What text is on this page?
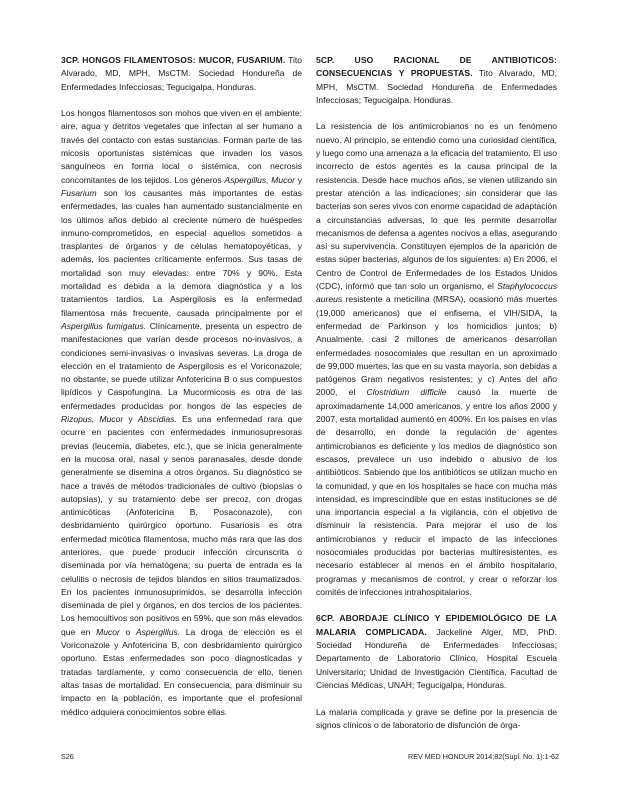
3CP. HONGOS FILAMENTOSOS: MUCOR, FUSARIUM. Tito Alvarado, MD, MPH, MsCTM. Sociedad Hondureña de Enfermedades Infecciosas; Tegucigalpa, Honduras.

Los hongos filamentosos son mohos que viven en el ambiente: aire, agua y detritos vegetales que infectan al ser humano a través del contacto con estas sustancias. Forman parte de las micosis oportunistas sistémicas que invaden los vasos sanguíneos en forma local o sistémica, con necrosis concomitantes de los tejidos. Los géneros Aspergillus, Mucor y Fusarium son los causantes más importantes de estas enfermedades, las cuales han aumentado sustancialmente en los últimos años debido al creciente número de huéspedes inmuno-comprometidos, en especial aquellos sometidos a trasplantes de órganos y de células hematopoyéticas, y además, los pacientes críticamente enfermos. Sus tasas de mortalidad son muy elevadas: entre 70% y 90%. Esta mortalidad es debida a la demora diagnóstica y a los tratamientos tardíos. La Aspergilosis es la enfermedad filamentosa más frecuente, causada principalmente por el Aspergillus fumigatus. Clínicamente, presenta un espectro de manifestaciones que varían desde procesos no-invasivos, a condiciones semi-invasivas o invasivas severas. La droga de elección en el tratamiento de Aspergilosis es el Voriconazole; no obstante, se puede utilizar Anfotericina B o sus compuestos lipídicos y Caspofungina. La Mucormicosis es otra de las enfermedades producidas por hongos de las especies de Rizopus, Mucor y Abscidias. Es una enfermedad rara que ocurre en pacientes con enfermedades inmunosupresoras previas (leucemia, diabetes, etc.), que se inicia generalmente en la mucosa oral, nasal y senos paranasales, desde donde generalmente se disemina a otros órganos. Su diagnóstico se hace a través de métodos tradicionales de cultivo (biopsias o autopsias), y su tratamiento debe ser precoz, con drogas antimicóticas (Anfotericina B, Posaconazole), con desbridamiento quirúrgico oportuno. Fusariosis es otra enfermedad micótica filamentosa, mucho más rara que las dos anteriores, que puede producir infección circunscrita o diseminada por vía hematógena; su puerta de entrada es la celulitis o necrosis de tejidos blandos en sitios traumatizados. En los pacientes inmunosuprimidos, se desarrolla infección diseminada de piel y órganos, en dos tercios de los pacientes. Los hemocultivos son positivos en 59%, que son más elevados que en Mucor o Aspergillus. La droga de elección es el Voriconazole y Anfotericina B, con desbridamiento quirúrgico oportuno. Estas enfermedades son poco diagnosticadas y tratadas tardíamente, y como consecuencia de ello, tienen altas tasas de mortalidad. En consecuencia, para disminuir su impacto en la población, es importante que el profesional médico adquiera conocimientos sobre ellas.

5CP. USO RACIONAL DE ANTIBIOTICOS: CONSECUENCIAS Y PROPUESTAS. Tito Alvarado, MD, MPH, MsCTM. Sociedad Hondureña de Enfermedades Infecciosas; Tegucigalpa. Honduras.

La resistencia de los antimicrobianos no es un fenómeno nuevo. Al principio, se entendió como una curiosidad científica, y luego como una amenaza a la eficacia del tratamiento. El uso incorrecto de estos agentes es la causa principal de la resistencia. Desde hace muchos años, se vienen utilizando sin prestar atención a las indicaciones; sin considerar que las bacterias son seres vivos con enorme capacidad de adaptación a circunstancias adversas, lo que les permite desarrollar mecanismos de defensa a agentes nocivos a ellas, asegurando así su supervivencia. Constituyen ejemplos de la aparición de estas súper bacterias, algunos de los siguientes: a) En 2006, el Centro de Control de Enfermedades de los Estados Unidos (CDC), informó que tan solo un organismo, el Staphylococcus aureus resistente a meticilina (MRSA), ocasionó más muertes (19,000 americanos) que el enfisema, el VIH/SIDA, la enfermedad de Parkinson y los homicidios juntos; b) Anualmente, casi 2 millones de americanos desarrollan enfermedades nosocomiales que resultan en un aproximado de 99,000 muertes, las que en su vasta mayoría, son debidas a patógenos Gram negativos resistentes; y c) Antes del año 2000, el Clostridium difficile causó la muerte de aproximadamente 14,000 americanos, y entre los años 2000 y 2007, esta mortalidad aumentó en 400%. En los países en vías de desarrollo, en donde la regulación de agentes antimicrobianos es deficiente y los medios de diagnóstico son escasos, prevalece un uso indebido o abusivo de los antibióticos. Sabiendo que los antibióticos se utilizan mucho en la comunidad, y que en los hospitales se hace con mucha más intensidad, es imprescindible que en estas instituciones se dé una importancia especial a la vigilancia, con el objetivo de disminuir la resistencia. Para mejorar el uso de los antimicrobianos y reducir el impacto de las infecciones nosocomiales producidas por bacterias multiresistentes, es necesario establecer al menos en el ámbito hospitalario, programas y mecanismos de control, y crear o reforzar los comités de infecciones intrahospitalarios.

6CP. ABORDAJE CLÍNICO Y EPIDEMIOLÓGICO DE LA MALARIA COMPLICADA. Jackeline Alger, MD, PhD. Sociedad Hondureña de Enfermedades Infecciosas; Departamento de Laboratorio Clínico, Hospital Escuela Universitario; Unidad de Investigación Científica, Facultad de Ciencias Médicas, UNAH; Tegucigalpa, Honduras.

La malaria complicada y grave se define por la presencia de signos clínicos o de laboratorio de disfunción de órga-

S26	REV MED HONDUR 2014;82(Supl. No. 1):1-62
